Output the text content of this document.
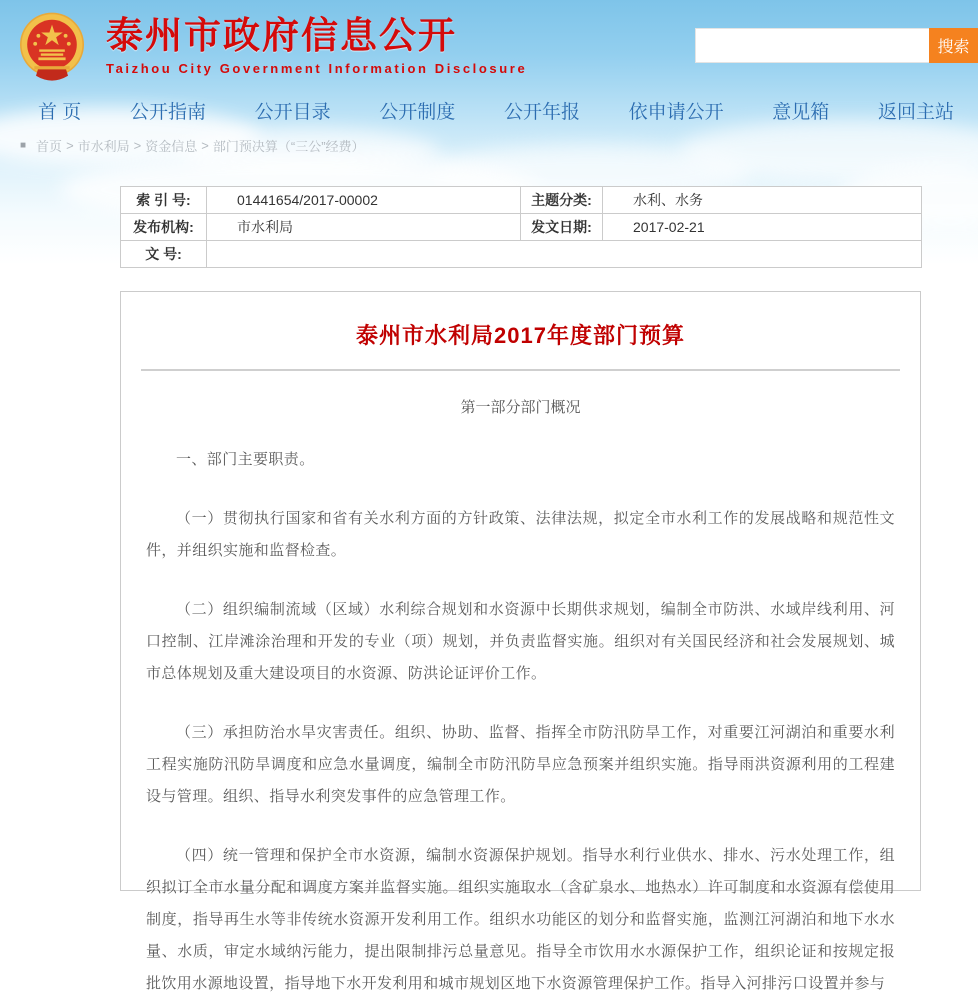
泰州市政府信息公开
Taizhou City Government Information Disclosure
搜索
首 页	公开指南	公开目录	公开制度	公开年报	依申请公开	意见箱	返回主站
■ 首页 > 市水利局 > 资金信息 > 部门预决算（“三公”经费）
索 引 号:	01441654/2017-00002	主题分类:	水利、水务
发布机构:	市水利局	发文日期:	2017-02-21
文 号:			
泰州市水利局2017年度部门预算
第一部分部门概况

一、部门主要职责。

（一）贯彻执行国家和省有关水利方面的方针政策、法律法规，拟定全市水利工作的发展战略和规范性文件，并组织实施和监督检查。

（二）组织编制流域（区域）水利综合规划和水资源中长期供求规划，编制全市防洪、水域岸线利用、河口控制、江岸滩涂治理和开发的专业（项）规划，并负责监督实施。组织对有关国民经济和社会发展规划、城市总体规划及重大建设项目的水资源、防洪论证评价工作。

（三）承担防治水旱灾害责任。组织、协助、监督、指挥全市防汛防旱工作，对重要江河湖泊和重要水利工程实施防汛防旱调度和应急水量调度，编制全市防汛防旱应急预案并组织实施。指导雨洪资源利用的工程建设与管理。组织、指导水利突发事件的应急管理工作。

（四）统一管理和保护全市水资源，编制水资源保护规划。指导水利行业供水、排水、污水处理工作，组织拟订全市水量分配和调度方案并监督实施。组织实施取水（含矿泉水、地热水）许可制度和水资源有偿使用制度，指导再生水等非传统水资源开发利用工作。组织水功能区的划分和监督实施，监测江河湖泊和地下水水量、水质，审定水域纳污能力，提出限制排污总量意见。指导全市饮用水水源保护工作，组织论证和按规定报批饮用水源地设置，指导地下水开发利用和城市规划区地下水资源管理保护工作。指导入河排污口设置并参与
